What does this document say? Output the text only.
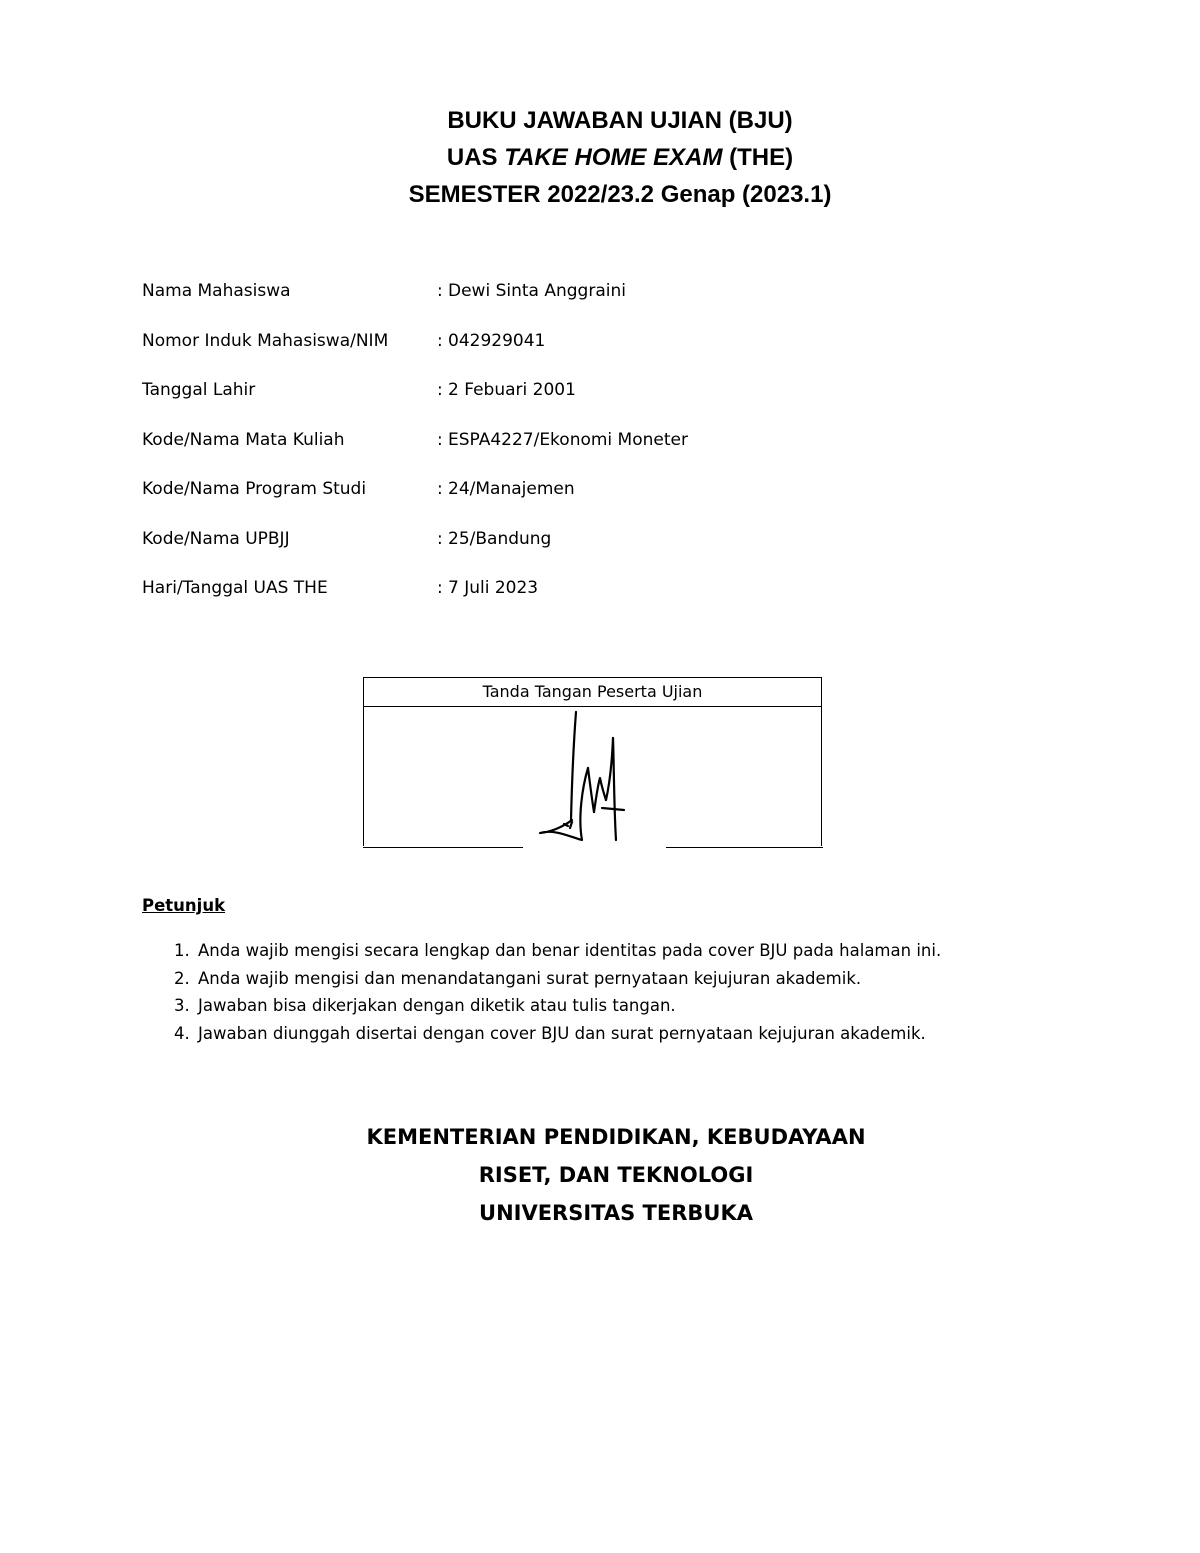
BUKU JAWABAN UJIAN (BJU)
UAS TAKE HOME EXAM (THE)
SEMESTER 2022/23.2 Genap (2023.1)
Nama Mahasiswa	: Dewi Sinta Anggraini
Nomor Induk Mahasiswa/NIM	: 042929041
Tanggal Lahir	: 2 Febuari 2001
Kode/Nama Mata Kuliah	: ESPA4227/Ekonomi Moneter
Kode/Nama Program Studi	: 24/Manajemen
Kode/Nama UPBJJ	: 25/Bandung
Hari/Tanggal UAS THE	: 7 Juli 2023
Tanda Tangan Peserta Ujian
Petunjuk
1. Anda wajib mengisi secara lengkap dan benar identitas pada cover BJU pada halaman ini.
2. Anda wajib mengisi dan menandatangani surat pernyataan kejujuran akademik.
3. Jawaban bisa dikerjakan dengan diketik atau tulis tangan.
4. Jawaban diunggah disertai dengan cover BJU dan surat pernyataan kejujuran akademik.
KEMENTERIAN PENDIDIKAN, KEBUDAYAAN
RISET, DAN TEKNOLOGI
UNIVERSITAS TERBUKA
